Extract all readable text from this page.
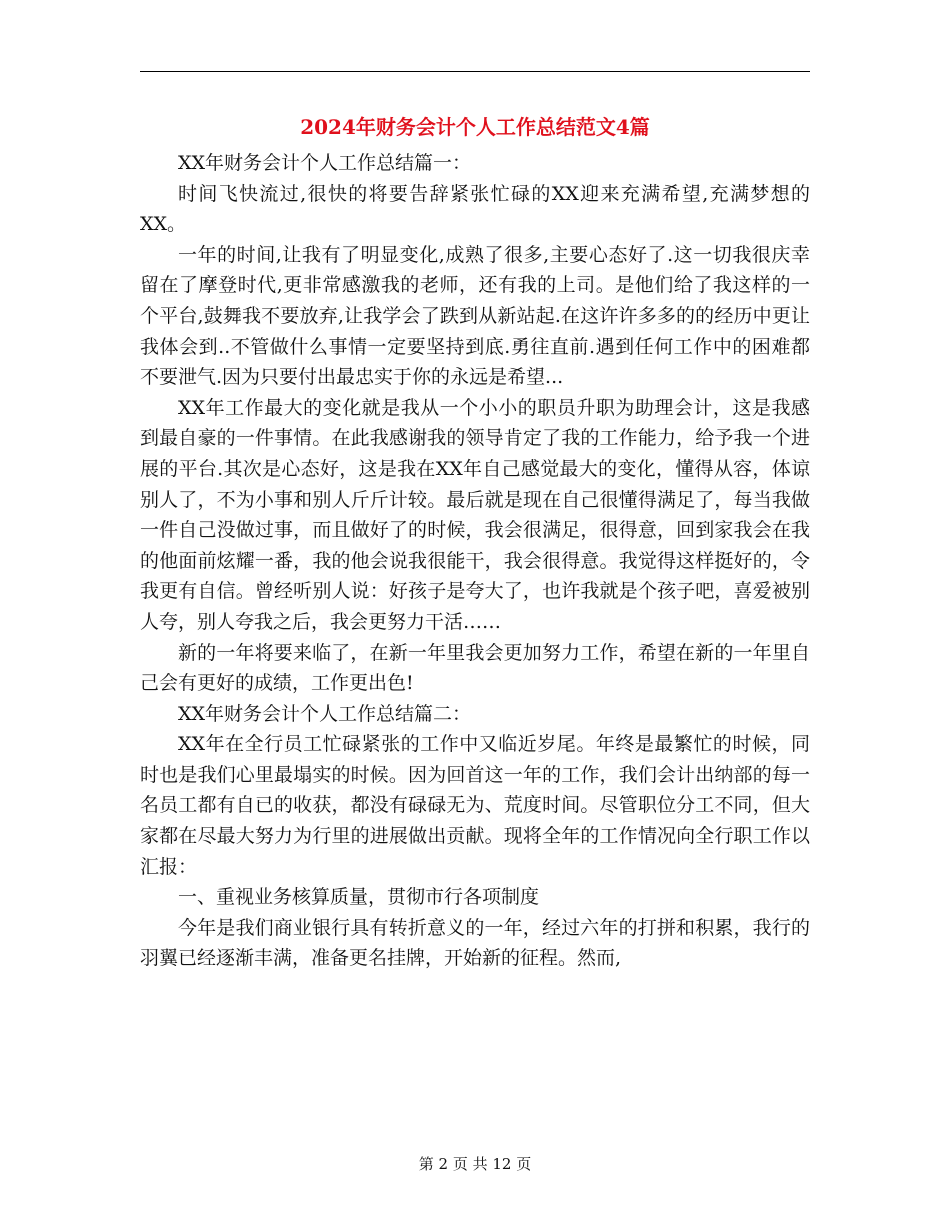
2024年财务会计个人工作总结范文4篇

XX年财务会计个人工作总结篇一：

时间飞快流过,很快的将要告辞紧张忙碌的XX迎来充满希望,充满梦想的XX。

一年的时间,让我有了明显变化,成熟了很多,主要心态好了.这一切我很庆幸留在了摩登时代,更非常感激我的老师，还有我的上司。是他们给了我这样的一个平台,鼓舞我不要放弃,让我学会了跌到从新站起.在这许许多多的的经历中更让我体会到..不管做什么事情一定要坚持到底.勇往直前.遇到任何工作中的困难都不要泄气.因为只要付出最忠实于你的永远是希望...

XX年工作最大的变化就是我从一个小小的职员升职为助理会计，这是我感到最自豪的一件事情。在此我感谢我的领导肯定了我的工作能力，给予我一个进展的平台.其次是心态好，这是我在XX年自己感觉最大的变化，懂得从容，体谅别人了，不为小事和别人斤斤计较。最后就是现在自己很懂得满足了，每当我做一件自己没做过事，而且做好了的时候，我会很满足，很得意，回到家我会在我的他面前炫耀一番，我的他会说我很能干，我会很得意。我觉得这样挺好的，令我更有自信。曾经听别人说：好孩子是夸大了，也许我就是个孩子吧，喜爱被别人夸，别人夸我之后，我会更努力干活……

新的一年将要来临了，在新一年里我会更加努力工作，希望在新的一年里自己会有更好的成绩，工作更出色!

XX年财务会计个人工作总结篇二：

XX年在全行员工忙碌紧张的工作中又临近岁尾。年终是最繁忙的时候，同时也是我们心里最塌实的时候。因为回首这一年的工作，我们会计出纳部的每一名员工都有自已的收获，都没有碌碌无为、荒度时间。尽管职位分工不同，但大家都在尽最大努力为行里的进展做出贡献。现将全年的工作情况向全行职工作以汇报：

一、重视业务核算质量，贯彻市行各项制度

今年是我们商业银行具有转折意义的一年，经过六年的打拼和积累，我行的羽翼已经逐渐丰满，准备更名挂牌，开始新的征程。然而,

第 2 页 共 12 页
